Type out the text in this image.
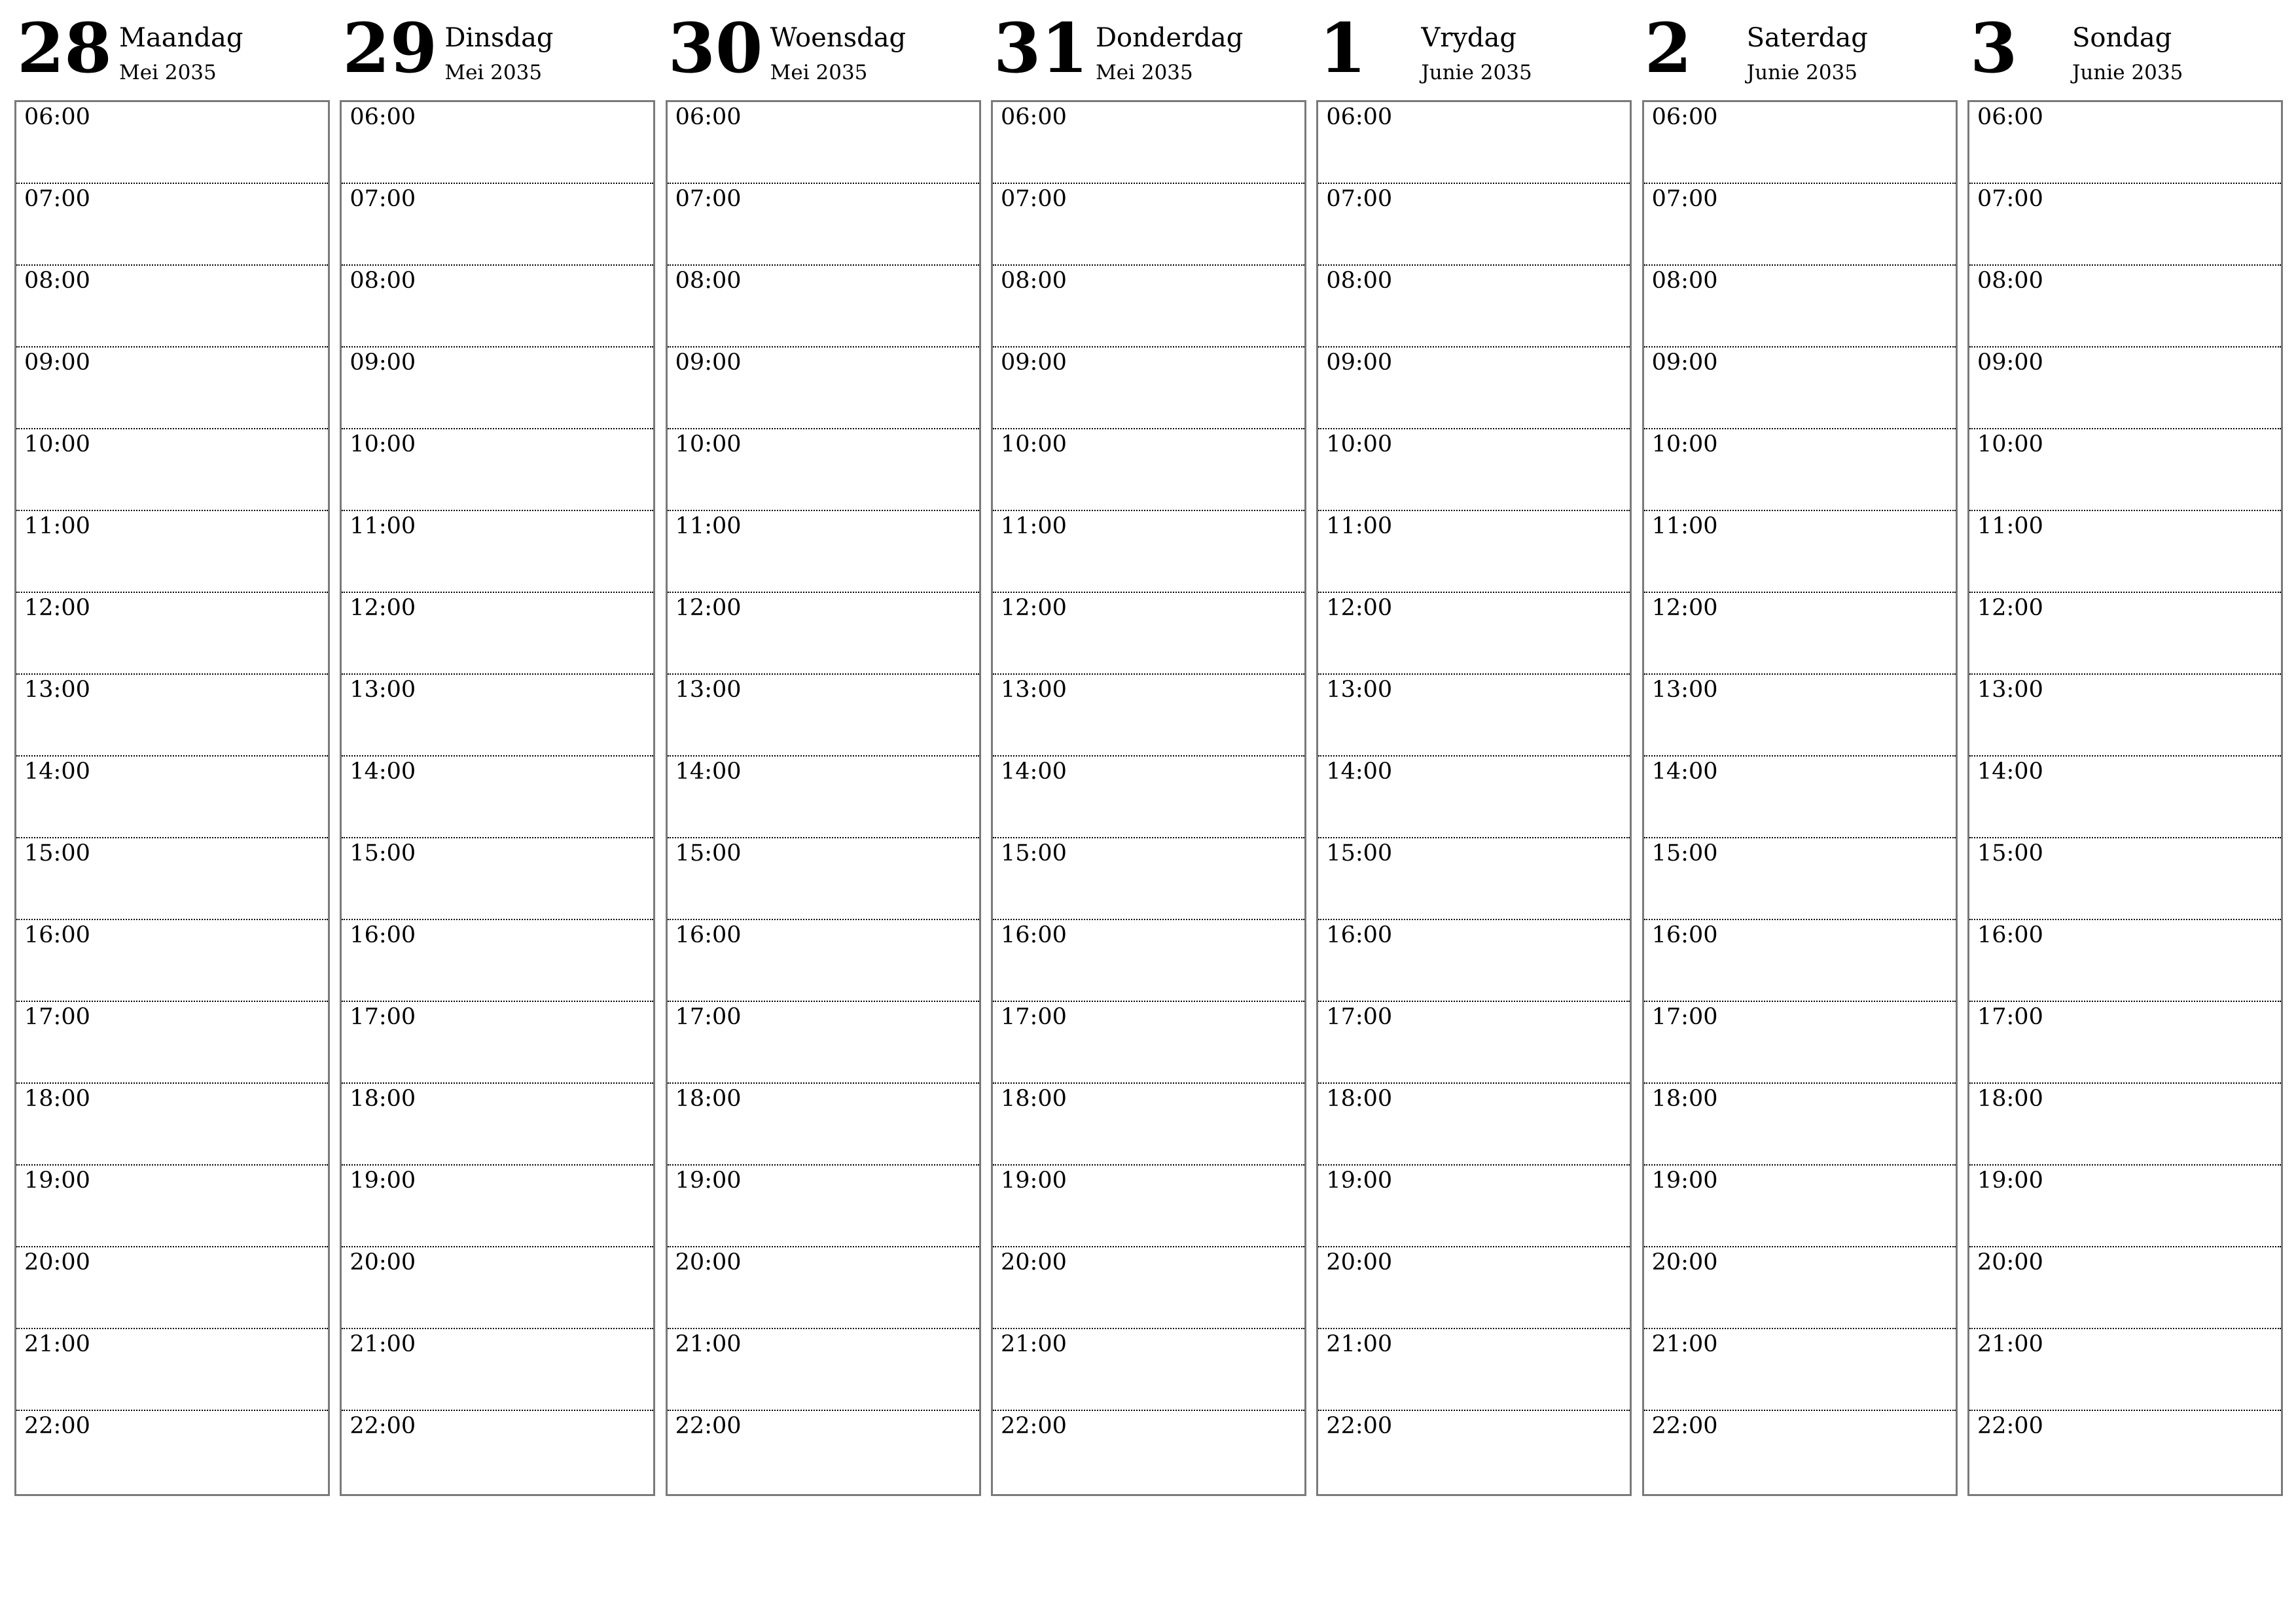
28 Maandag
Mei 2035
06:00
07:00
08:00
09:00
10:00
11:00
12:00
13:00
14:00
15:00
16:00
17:00
18:00
19:00
20:00
21:00
22:00
29 Dinsdag
Mei 2035
06:00
07:00
08:00
09:00
10:00
11:00
12:00
13:00
14:00
15:00
16:00
17:00
18:00
19:00
20:00
21:00
22:00
30 Woensdag
Mei 2035
06:00
07:00
08:00
09:00
10:00
11:00
12:00
13:00
14:00
15:00
16:00
17:00
18:00
19:00
20:00
21:00
22:00
31 Donderdag
Mei 2035
06:00
07:00
08:00
09:00
10:00
11:00
12:00
13:00
14:00
15:00
16:00
17:00
18:00
19:00
20:00
21:00
22:00
1 Vrydag
Junie 2035
06:00
07:00
08:00
09:00
10:00
11:00
12:00
13:00
14:00
15:00
16:00
17:00
18:00
19:00
20:00
21:00
22:00
2 Saterdag
Junie 2035
06:00
07:00
08:00
09:00
10:00
11:00
12:00
13:00
14:00
15:00
16:00
17:00
18:00
19:00
20:00
21:00
22:00
3 Sondag
Junie 2035
06:00
07:00
08:00
09:00
10:00
11:00
12:00
13:00
14:00
15:00
16:00
17:00
18:00
19:00
20:00
21:00
22:00
